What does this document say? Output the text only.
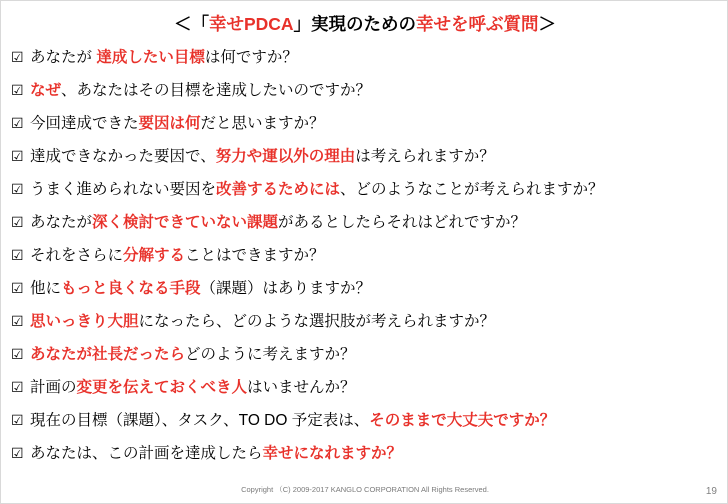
＜「幸せPDCA」実現のための幸せを呼ぶ質問＞
☑ あなたが 達成したい目標は何ですか？
☑ なぜ、あなたはその目標を達成したいのですか？
☑ 今回達成できた要因は何だと思いますか？
☑ 達成できなかった要因で、努力や運以外の理由は考えられますか？
☑ うまく進められない要因を改善するためには、どのようなことが考えられますか？
☑ あなたが深く検討できていない課題があるとしたらそれはどれですか？
☑ それをさらに分解することはできますか？
☑ 他にもっと良くなる手段（課題）はありますか？
☑ 思いっきり大胆になったら、どのような選択肢が考えられますか？
☑ あなたが社長だったらどのように考えますか？
☑ 計画の変更を伝えておくべき人はいませんか？
☑ 現在の目標（課題）、タスク、TO DO 予定表は、そのままで大丈夫ですか？
☑ あなたは、この計画を達成したら幸せになれますか？
Copyright （C) 2009-2017 KANGLO CORPORATION All Rights Reserved.	19
